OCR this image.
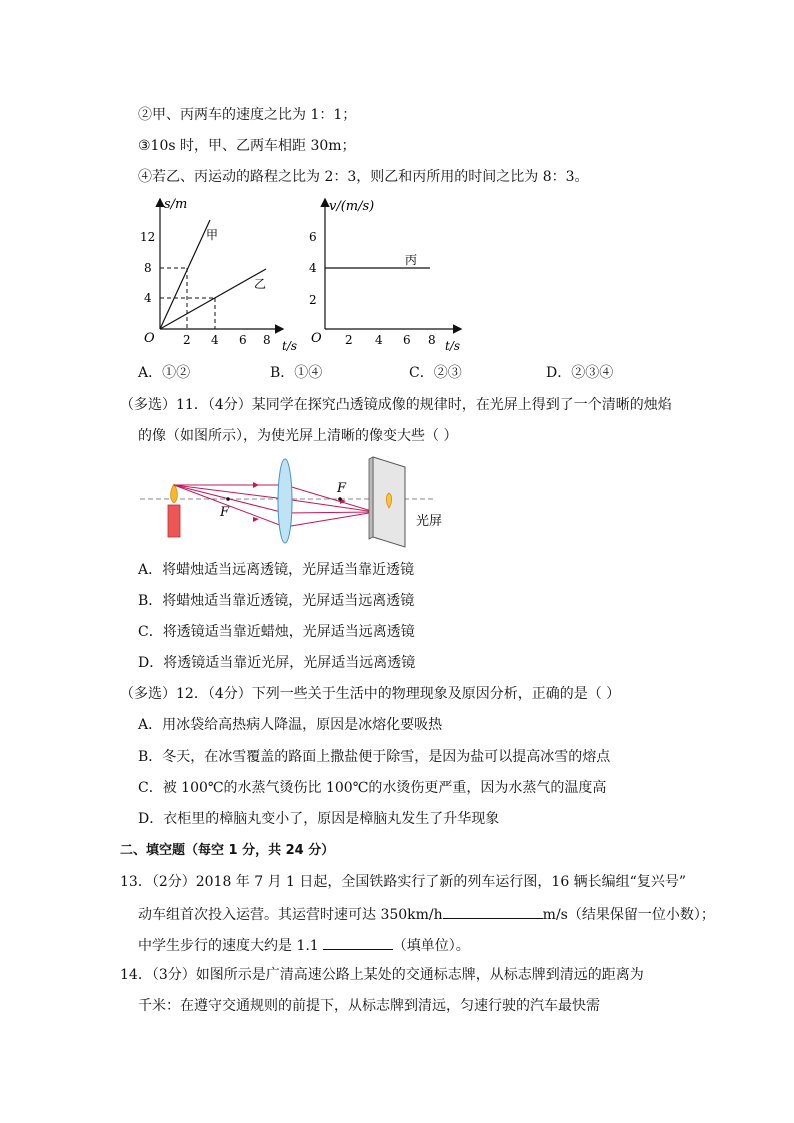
②甲、丙两车的速度之比为 1：1；
③10s 时，甲、乙两车相距 30m；
④若乙、丙运动的路程之比为 2：3，则乙和丙所用的时间之比为 8：3。
s/m
12
8
4
O 2 4 6 8 t/s
甲
乙
v/(m/s)
6
4
2
O 2 4 6 8 t/s
丙
A．①②	B．①④	C．②③	D．②③④
（多选）11．（4分）某同学在探究凸透镜成像的规律时，在光屏上得到了一个清晰的烛焰
的像（如图所示），为使光屏上清晰的像变大些（ ）
F
F
光屏
A．将蜡烛适当远离透镜，光屏适当靠近透镜
B．将蜡烛适当靠近透镜，光屏适当远离透镜
C．将透镜适当靠近蜡烛，光屏适当远离透镜
D．将透镜适当靠近光屏，光屏适当远离透镜
（多选）12．（4分）下列一些关于生活中的物理现象及原因分析，正确的是（ ）
A．用冰袋给高热病人降温，原因是冰熔化要吸热
B．冬天，在冰雪覆盖的路面上撒盐便于除雪，是因为盐可以提高冰雪的熔点
C．被 100℃的水蒸气烫伤比 100℃的水烫伤更严重，因为水蒸气的温度高
D．衣柜里的樟脑丸变小了，原因是樟脑丸发生了升华现象
二、填空题（每空 1 分，共 24 分）
13．（2分）2018 年 7 月 1 日起，全国铁路实行了新的列车运行图，16 辆长编组“复兴号”
动车组首次投入运营。其运营时速可达 350km/h	m/s（结果保留一位小数）；
中学生步行的速度大约是 1.1	（填单位）。
14．（3分）如图所示是广清高速公路上某处的交通标志牌，从标志牌到清远的距离为
千米：在遵守交通规则的前提下，从标志牌到清远，匀速行驶的汽车最快需
